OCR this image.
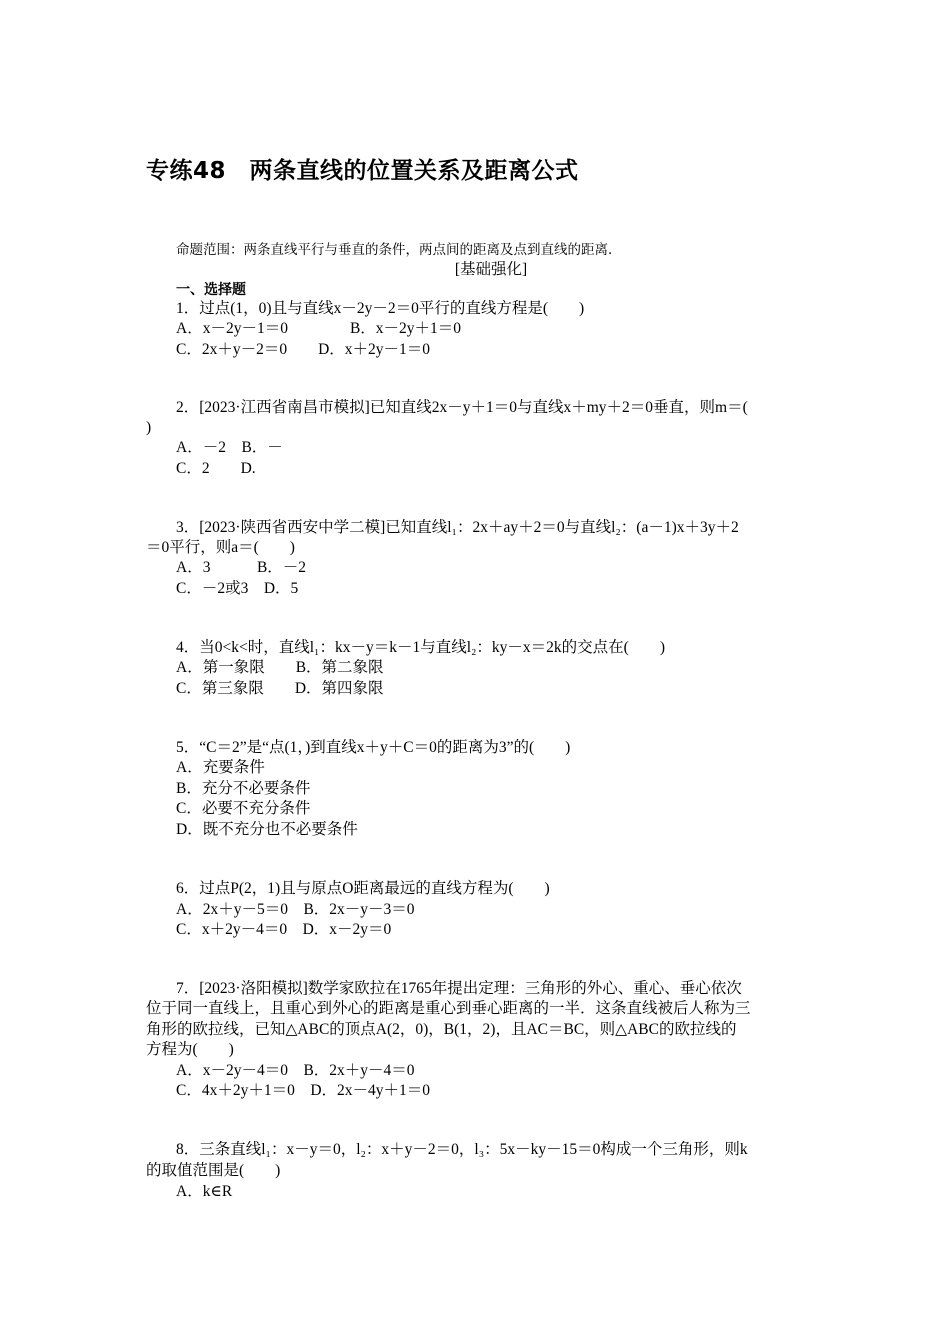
专练48　两条直线的位置关系及距离公式
命题范围：两条直线平行与垂直的条件，两点间的距离及点到直线的距离．
[基础强化]
一、选择题
1．过点(1，0)且与直线x－2y－2＝0平行的直线方程是(　　)
A．x－2y－1＝0　　　　B．x－2y＋1＝0
C．2x＋y－2＝0　　D．x＋2y－1＝0
2．[2023·江西省南昌市模拟]已知直线2x－y＋1＝0与直线x＋my＋2＝0垂直，则m＝(
)
A．－2　B．－
C．2　　D.
3．[2023·陕西省西安中学二模]已知直线l₁：2x＋ay＋2＝0与直线l₂：(a－1)x＋3y＋2
＝0平行，则a＝(　　)
A．3　　　B．－2
C．－2或3　D．5
4．当0<k<时，直线l₁：kx－y＝k－1与直线l₂：ky－x＝2k的交点在(　　)
A．第一象限　　B．第二象限
C．第三象限　　D．第四象限
5．“C＝2”是“点(1，)到直线x＋y＋C＝0的距离为3”的(　　)
A．充要条件
B．充分不必要条件
C．必要不充分条件
D．既不充分也不必要条件
6．过点P(2，1)且与原点O距离最远的直线方程为(　　)
A．2x＋y－5＝0　B．2x－y－3＝0
C．x＋2y－4＝0　D．x－2y＝0
7．[2023·洛阳模拟]数学家欧拉在1765年提出定理：三角形的外心、重心、垂心依次
位于同一直线上，且重心到外心的距离是重心到垂心距离的一半．这条直线被后人称为三
角形的欧拉线，已知△ABC的顶点A(2，0)，B(1，2)，且AC＝BC，则△ABC的欧拉线的
方程为(　　)
A．x－2y－4＝0　B．2x＋y－4＝0
C．4x＋2y＋1＝0　D．2x－4y＋1＝0
8．三条直线l₁：x－y＝0，l₂：x＋y－2＝0，l₃：5x－ky－15＝0构成一个三角形，则k
的取值范围是(　　)
A．k∈R
